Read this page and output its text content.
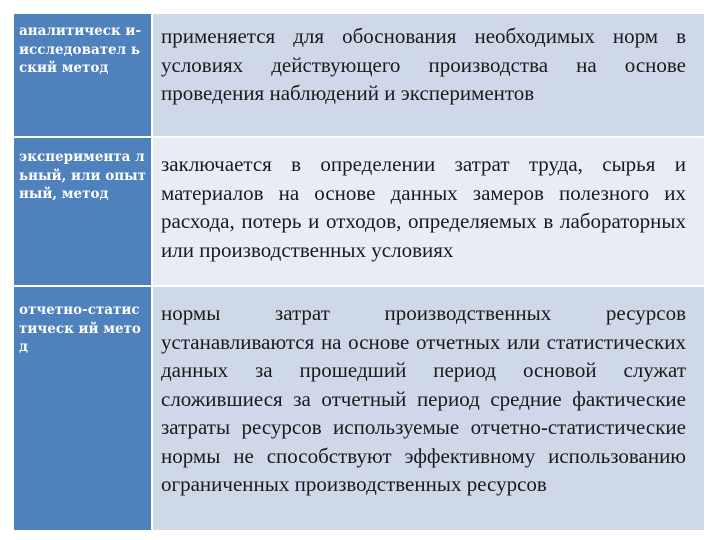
аналитическ и-исследовател ьский метод
применяется для обоснования необходимых норм в условиях действующего производства на основе проведения наблюдений и экспериментов
эксперимента льный, или опытный, метод
заключается в определении затрат труда, сырья и материалов на основе данных замеров полезного их расхода, потерь и отходов, определяемых в лабораторных или производственных условиях
отчетно-статистическ ий метод
нормы затрат производственных ресурсов устанавливаются на основе отчетных или статистических данных за прошедший период основой служат сложившиеся за отчетный период средние фактические затраты ресурсов используемые отчетно-статистические нормы не способствуют эффективному использованию ограниченных производственных ресурсов
